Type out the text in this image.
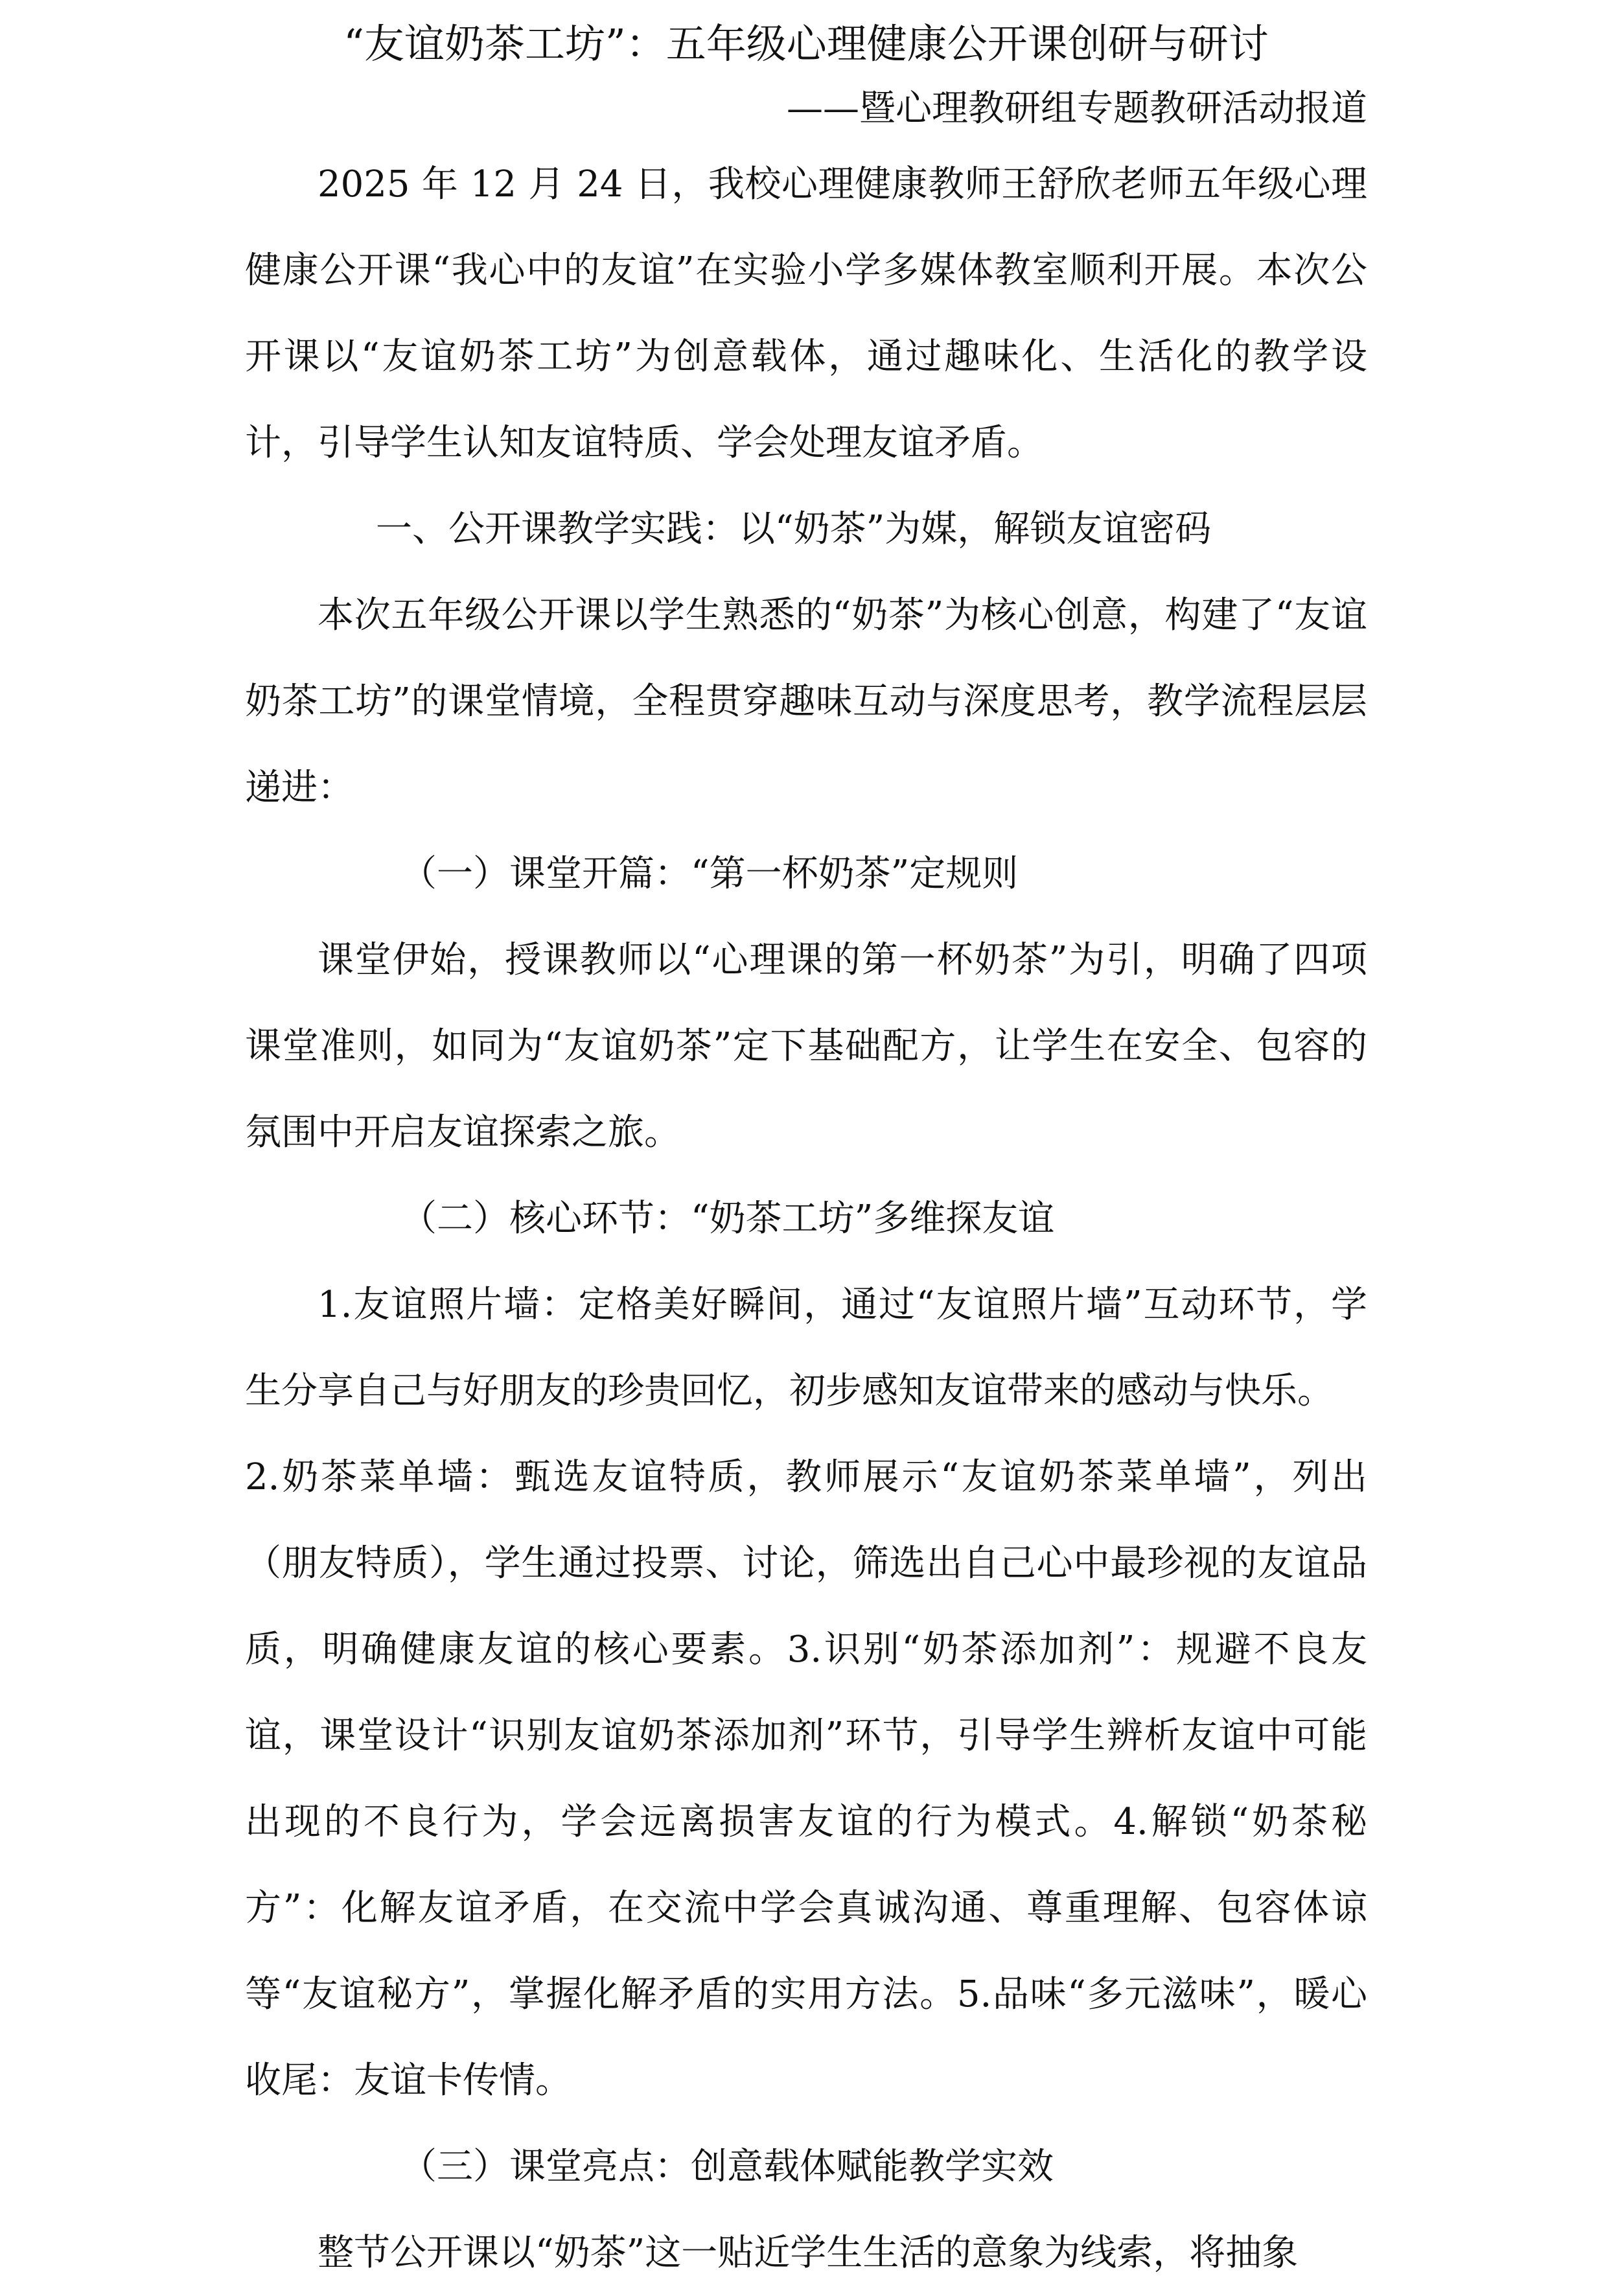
“友谊奶茶工坊”：五年级心理健康公开课创研与研讨

——暨心理教研组专题教研活动报道

2025 年 12 月 24 日，我校心理健康教师王舒欣老师五年级心理健康公开课“我心中的友谊”在实验小学多媒体教室顺利开展。本次公开课以“友谊奶茶工坊”为创意载体，通过趣味化、生活化的教学设计，引导学生认知友谊特质、学会处理友谊矛盾。

一、公开课教学实践：以“奶茶”为媒，解锁友谊密码

本次五年级公开课以学生熟悉的“奶茶”为核心创意，构建了“友谊奶茶工坊”的课堂情境，全程贯穿趣味互动与深度思考，教学流程层层递进：

（一）课堂开篇：“第一杯奶茶”定规则

课堂伊始，授课教师以“心理课的第一杯奶茶”为引，明确了四项课堂准则，如同为“友谊奶茶”定下基础配方，让学生在安全、包容的氛围中开启友谊探索之旅。

（二）核心环节：“奶茶工坊”多维探友谊

1.友谊照片墙：定格美好瞬间，通过“友谊照片墙”互动环节，学生分享自己与好朋友的珍贵回忆，初步感知友谊带来的感动与快乐。

2.奶茶菜单墙：甄选友谊特质，教师展示“友谊奶茶菜单墙”，列出（朋友特质），学生通过投票、讨论，筛选出自己心中最珍视的友谊品质，明确健康友谊的核心要素。3.识别“奶茶添加剂”：规避不良友谊，课堂设计“识别友谊奶茶添加剂”环节，引导学生辨析友谊中可能出现的不良行为，学会远离损害友谊的行为模式。4.解锁“奶茶秘方”：化解友谊矛盾，在交流中学会真诚沟通、尊重理解、包容体谅等“友谊秘方”，掌握化解矛盾的实用方法。5.品味“多元滋味”，暖心收尾：友谊卡传情。

（三）课堂亮点：创意载体赋能教学实效

整节公开课以“奶茶”这一贴近学生生活的意象为线索，将抽象
